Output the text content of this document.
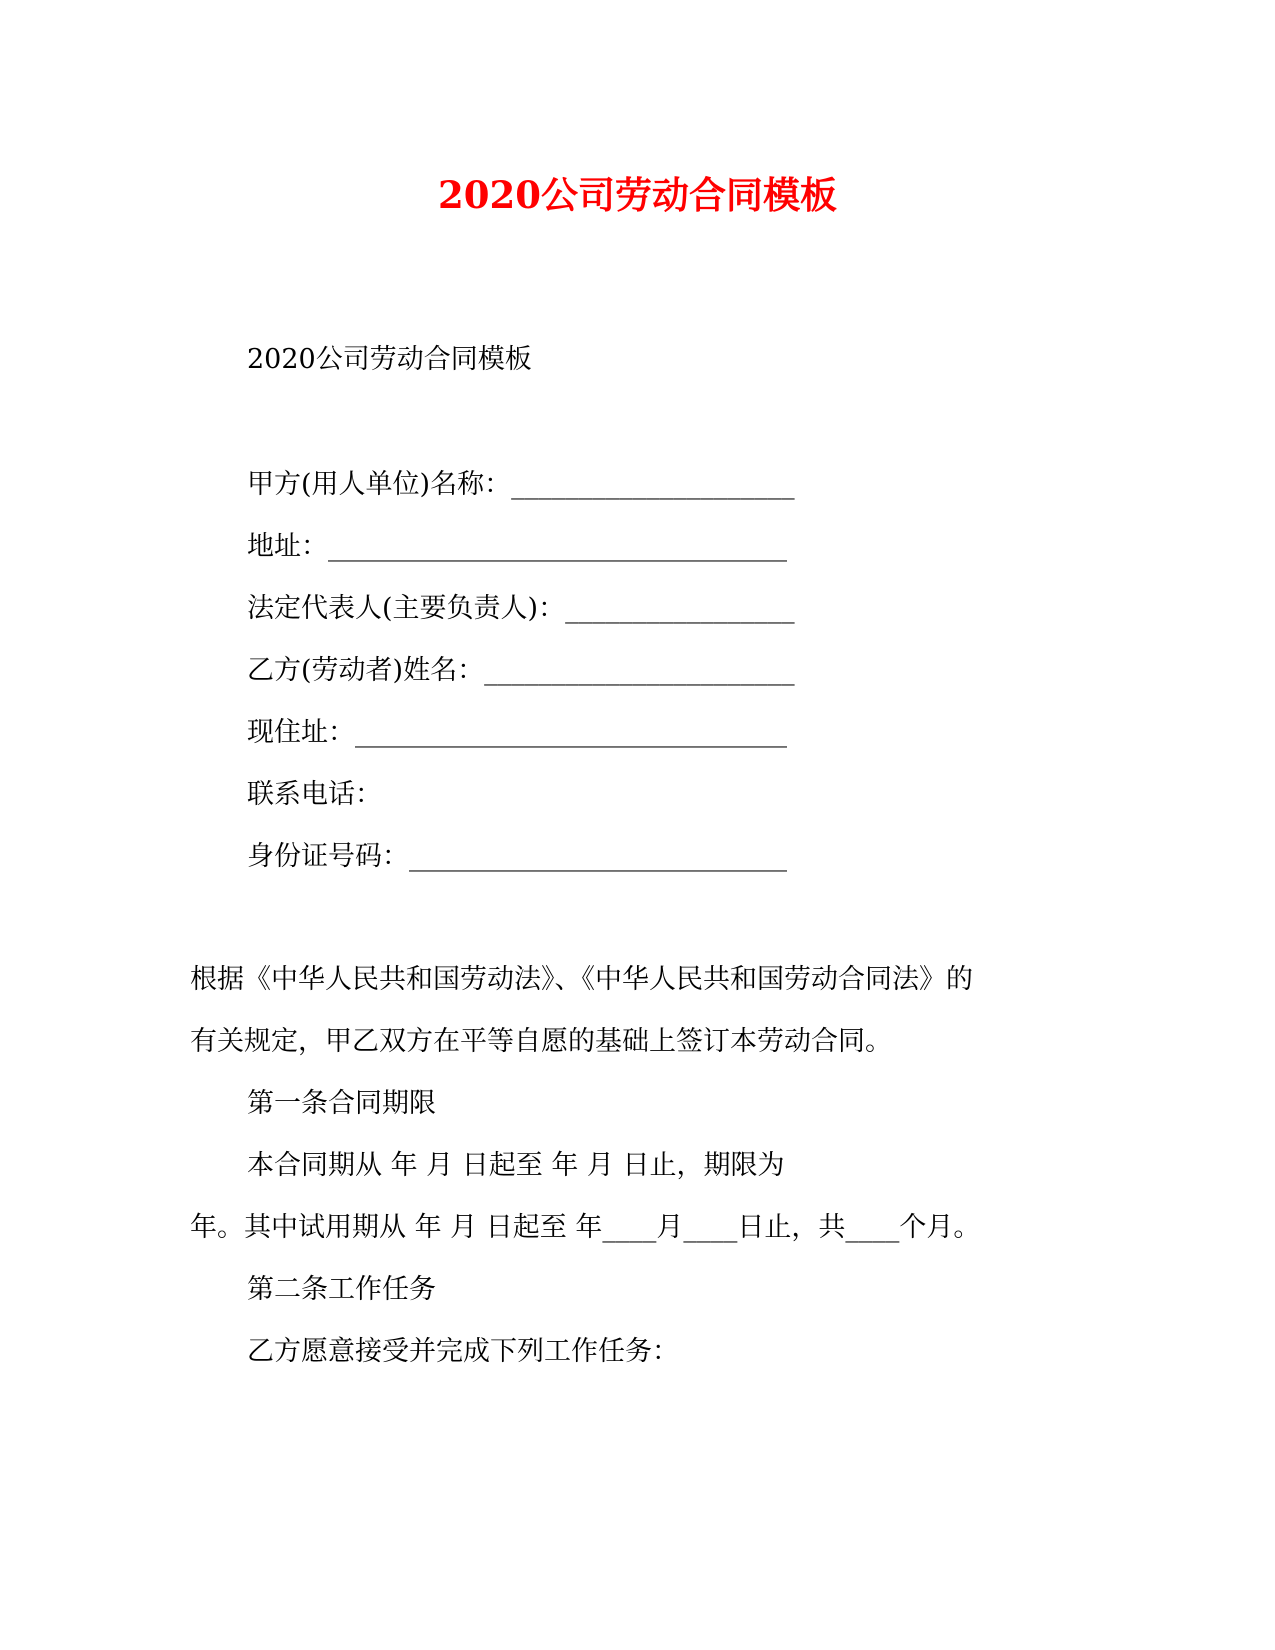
2020公司劳动合同模板
2020公司劳动合同模板
甲方(用人单位)名称：_____________________
地址：__________________________________
法定代表人(主要负责人)：_________________
乙方(劳动者)姓名：_______________________
现住址：________________________________
联系电话：
身份证号码：____________________________
根据《中华人民共和国劳动法》、《中华人民共和国劳动合同法》的
有关规定，甲乙双方在平等自愿的基础上签订本劳动合同。
第一条合同期限
本合同期从 年 月 日起至 年 月 日止，期限为
年。其中试用期从 年 月 日起至 年____月____日止，共____个月。
第二条工作任务
乙方愿意接受并完成下列工作任务：
